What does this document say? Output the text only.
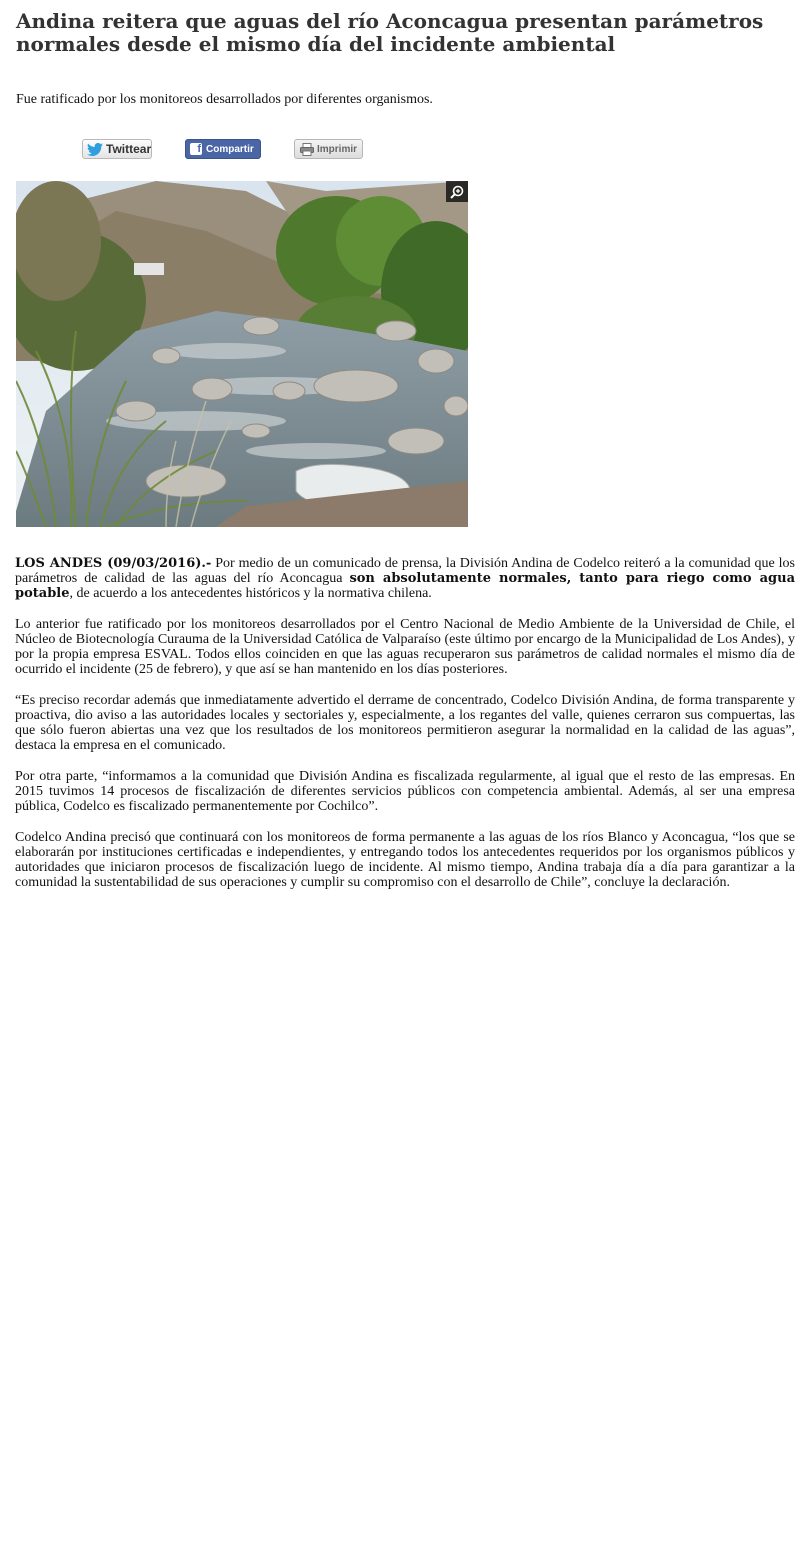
Andina reitera que aguas del río Aconcagua presentan parámetros normales desde el mismo día del incidente ambiental
Fue ratificado por los monitoreos desarrollados por diferentes organismos.
Twittear	f Compartir	Imprimir

LOS ANDES (09/03/2016).- Por medio de un comunicado de prensa, la División Andina de Codelco reiteró a la comunidad que los parámetros de calidad de las aguas del río Aconcagua son absolutamente normales, tanto para riego como agua potable, de acuerdo a los antecedentes históricos y la normativa chilena.

Lo anterior fue ratificado por los monitoreos desarrollados por el Centro Nacional de Medio Ambiente de la Universidad de Chile, el Núcleo de Biotecnología Curauma de la Universidad Católica de Valparaíso (este último por encargo de la Municipalidad de Los Andes), y por la propia empresa ESVAL. Todos ellos coinciden en que las aguas recuperaron sus parámetros de calidad normales el mismo día de ocurrido el incidente (25 de febrero), y que así se han mantenido en los días posteriores.

“Es preciso recordar además que inmediatamente advertido el derrame de concentrado, Codelco División Andina, de forma transparente y proactiva, dio aviso a las autoridades locales y sectoriales y, especialmente, a los regantes del valle, quienes cerraron sus compuertas, las que sólo fueron abiertas una vez que los resultados de los monitoreos permitieron asegurar la normalidad en la calidad de las aguas”, destaca la empresa en el comunicado.

Por otra parte, “informamos a la comunidad que División Andina es fiscalizada regularmente, al igual que el resto de las empresas. En 2015 tuvimos 14 procesos de fiscalización de diferentes servicios públicos con competencia ambiental. Además, al ser una empresa pública, Codelco es fiscalizado permanentemente por Cochilco”.

Codelco Andina precisó que continuará con los monitoreos de forma permanente a las aguas de los ríos Blanco y Aconcagua, “los que se elaborarán por instituciones certificadas e independientes, y entregando todos los antecedentes requeridos por los organismos públicos y autoridades que iniciaron procesos de fiscalización luego de incidente. Al mismo tiempo, Andina trabaja día a día para garantizar a la comunidad la sustentabilidad de sus operaciones y cumplir su compromiso con el desarrollo de Chile”, concluye la declaración.
